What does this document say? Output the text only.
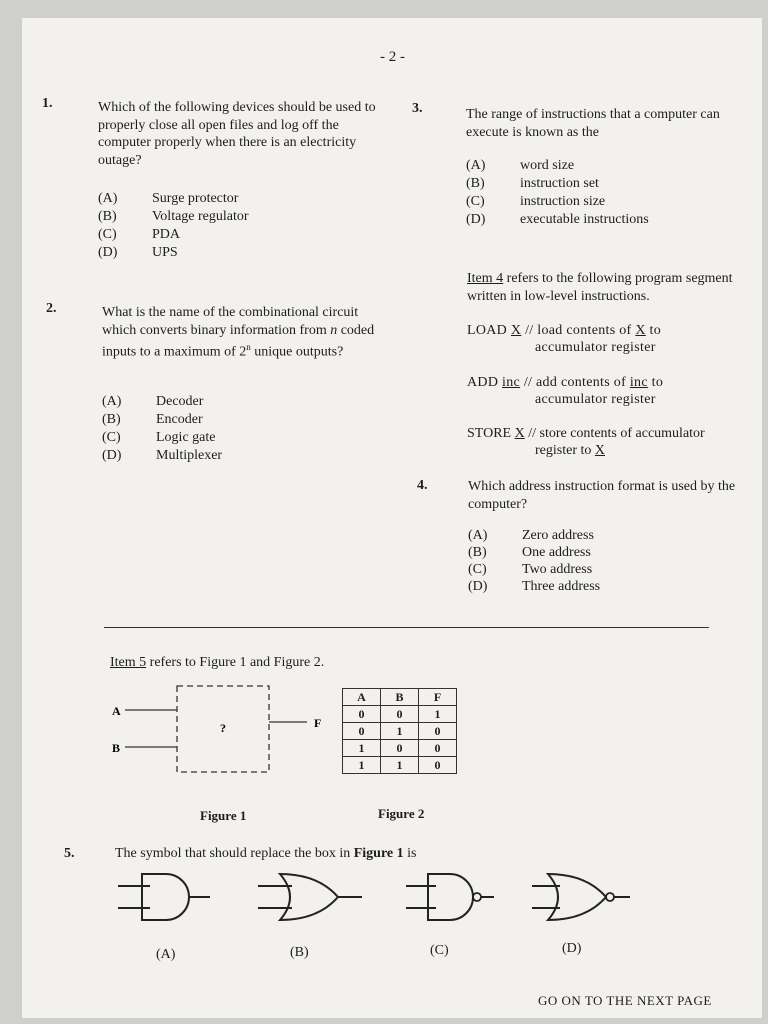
- 2 -
1.	Which of the following devices should be used to properly close all open files and log off the computer properly when there is an electricity outage?
(A) Surge protector
(B)	Voltage regulator
(C)	PDA
(D) UPS
2.	What is the name of the combinational circuit which converts binary information from n coded inputs to a maximum of 2$^n$ unique outputs?
(A) Decoder
(B)	Encoder
(C)	Logic gate
(D) Multiplexer
3.	The range of instructions that a computer can execute is known as the
(A) word size
(B)	instruction set
(C)	instruction size
(D) executable instructions
Item 4 refers to the following program segment written in low-level instructions.
LOAD X // load contents of X to
accumulator register
ADD inc // add contents of inc to
accumulator register
STORE X // store contents of accumulator
register to X
4.	Which address instruction format is used by the computer?
(A) Zero address
(B)	One address
(C)	Two address
(D) Three address
Item 5 refers to Figure 1 and Figure 2.
A
B
F
?
A	B	F
0	0	1
0	1	0
1	0	0
1	1	0
Figure 1	Figure 2
5.	The symbol that should replace the box in Figure 1 is
(A)	(B)	(C)	(D)
GO ON TO THE NEXT PAGE
